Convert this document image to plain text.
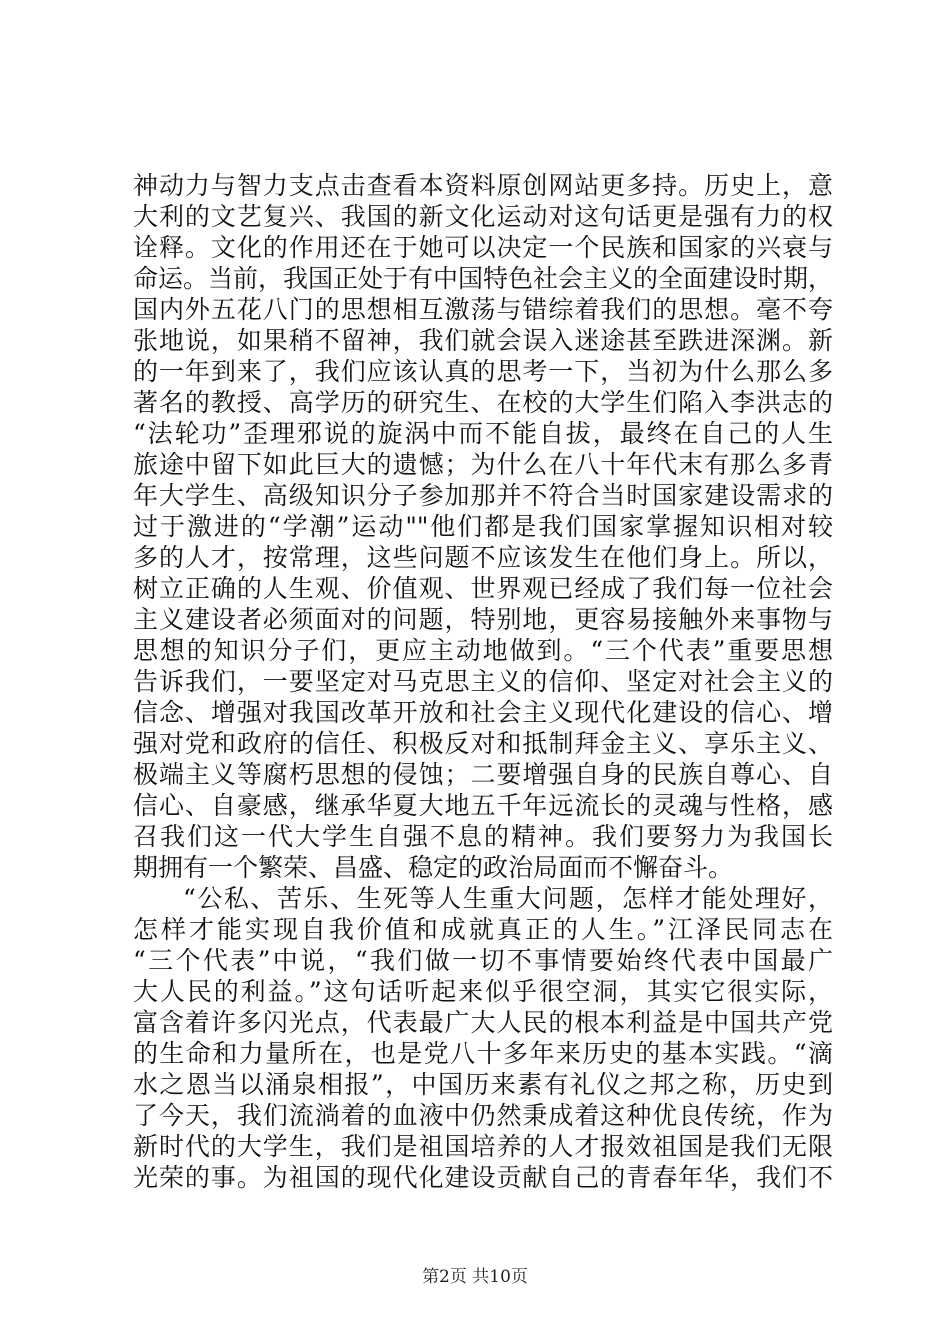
神动力与智力支点击查看本资料原创网站更多持。历史上，意
大利的文艺复兴、我国的新文化运动对这句话更是强有力的权
诠释。文化的作用还在于她可以决定一个民族和国家的兴衰与
命运。当前，我国正处于有中国特色社会主义的全面建设时期，
国内外五花八门的思想相互激荡与错综着我们的思想。毫不夸
张地说，如果稍不留神，我们就会误入迷途甚至跌进深渊。新
的一年到来了，我们应该认真的思考一下，当初为什么那么多
著名的教授、高学历的研究生、在校的大学生们陷入李洪志的
“法轮功”歪理邪说的旋涡中而不能自拔，最终在自己的人生
旅途中留下如此巨大的遗憾；为什么在八十年代末有那么多青
年大学生、高级知识分子参加那并不符合当时国家建设需求的
过于激进的“学潮”运动""他们都是我们国家掌握知识相对较
多的人才，按常理，这些问题不应该发生在他们身上。所以，
树立正确的人生观、价值观、世界观已经成了我们每一位社会
主义建设者必须面对的问题，特别地，更容易接触外来事物与
思想的知识分子们，更应主动地做到。“三个代表”重要思想
告诉我们，一要坚定对马克思主义的信仰、坚定对社会主义的
信念、增强对我国改革开放和社会主义现代化建设的信心、增
强对党和政府的信任、积极反对和抵制拜金主义、享乐主义、
极端主义等腐朽思想的侵蚀；二要增强自身的民族自尊心、自
信心、自豪感，继承华夏大地五千年远流长的灵魂与性格，感
召我们这一代大学生自强不息的精神。我们要努力为我国长
期拥有一个繁荣、昌盛、稳定的政治局面而不懈奋斗。
“公私、苦乐、生死等人生重大问题，怎样才能处理好，
怎样才能实现自我价值和成就真正的人生。”江泽民同志在
“三个代表”中说，“我们做一切不事情要始终代表中国最广
大人民的利益。”这句话听起来似乎很空洞，其实它很实际，
富含着许多闪光点，代表最广大人民的根本利益是中国共产党
的生命和力量所在，也是党八十多年来历史的基本实践。“滴
水之恩当以涌泉相报”，中国历来素有礼仪之邦之称，历史到
了今天，我们流淌着的血液中仍然秉成着这种优良传统，作为
新时代的大学生，我们是祖国培养的人才报效祖国是我们无限
光荣的事。为祖国的现代化建设贡献自己的青春年华，我们不
第2页 共10页
